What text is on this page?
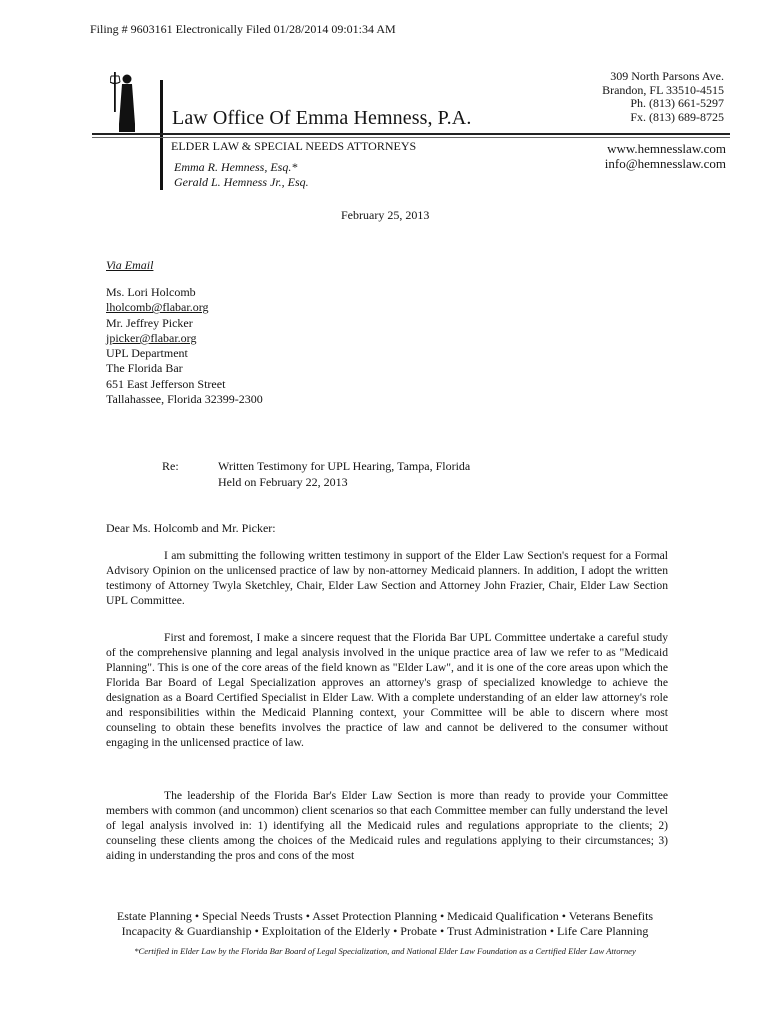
Filing # 9603161 Electronically Filed 01/28/2014 09:01:34 AM
Law Office Of Emma Hemness, P.A.
309 North Parsons Ave.
Brandon, FL 33510-4515
Ph. (813) 661-5297
Fx. (813) 689-8725
ELDER LAW & SPECIAL NEEDS ATTORNEYS
Emma R. Hemness, Esq.*
Gerald L. Hemness Jr., Esq.
www.hemnesslaw.com
info@hemnesslaw.com
February 25, 2013
Via Email
Ms. Lori Holcomb
lholcomb@flabar.org
Mr. Jeffrey Picker
jpicker@flabar.org
UPL Department
The Florida Bar
651 East Jefferson Street
Tallahassee, Florida 32399-2300
Re:	Written Testimony for UPL Hearing, Tampa, Florida
Held on February 22, 2013
Dear Ms. Holcomb and Mr. Picker:
I am submitting the following written testimony in support of the Elder Law Section's request for a Formal Advisory Opinion on the unlicensed practice of law by non-attorney Medicaid planners. In addition, I adopt the written testimony of Attorney Twyla Sketchley, Chair, Elder Law Section and Attorney John Frazier, Chair, Elder Law Section UPL Committee.
First and foremost, I make a sincere request that the Florida Bar UPL Committee undertake a careful study of the comprehensive planning and legal analysis involved in the unique practice area of law we refer to as "Medicaid Planning". This is one of the core areas of the field known as "Elder Law", and it is one of the core areas upon which the Florida Bar Board of Legal Specialization approves an attorney's grasp of specialized knowledge to achieve the designation as a Board Certified Specialist in Elder Law. With a complete understanding of an elder law attorney's role and responsibilities within the Medicaid Planning context, your Committee will be able to discern where most counseling to obtain these benefits involves the practice of law and cannot be delivered to the consumer without engaging in the unlicensed practice of law.
The leadership of the Florida Bar's Elder Law Section is more than ready to provide your Committee members with common (and uncommon) client scenarios so that each Committee member can fully understand the level of legal analysis involved in: 1) identifying all the Medicaid rules and regulations appropriate to the clients; 2) counseling these clients among the choices of the Medicaid rules and regulations applying to their circumstances; 3) aiding in understanding the pros and cons of the most
Estate Planning • Special Needs Trusts • Asset Protection Planning • Medicaid Qualification • Veterans Benefits
Incapacity & Guardianship • Exploitation of the Elderly • Probate • Trust Administration • Life Care Planning
*Certified in Elder Law by the Florida Bar Board of Legal Specialization, and National Elder Law Foundation as a Certified Elder Law Attorney
